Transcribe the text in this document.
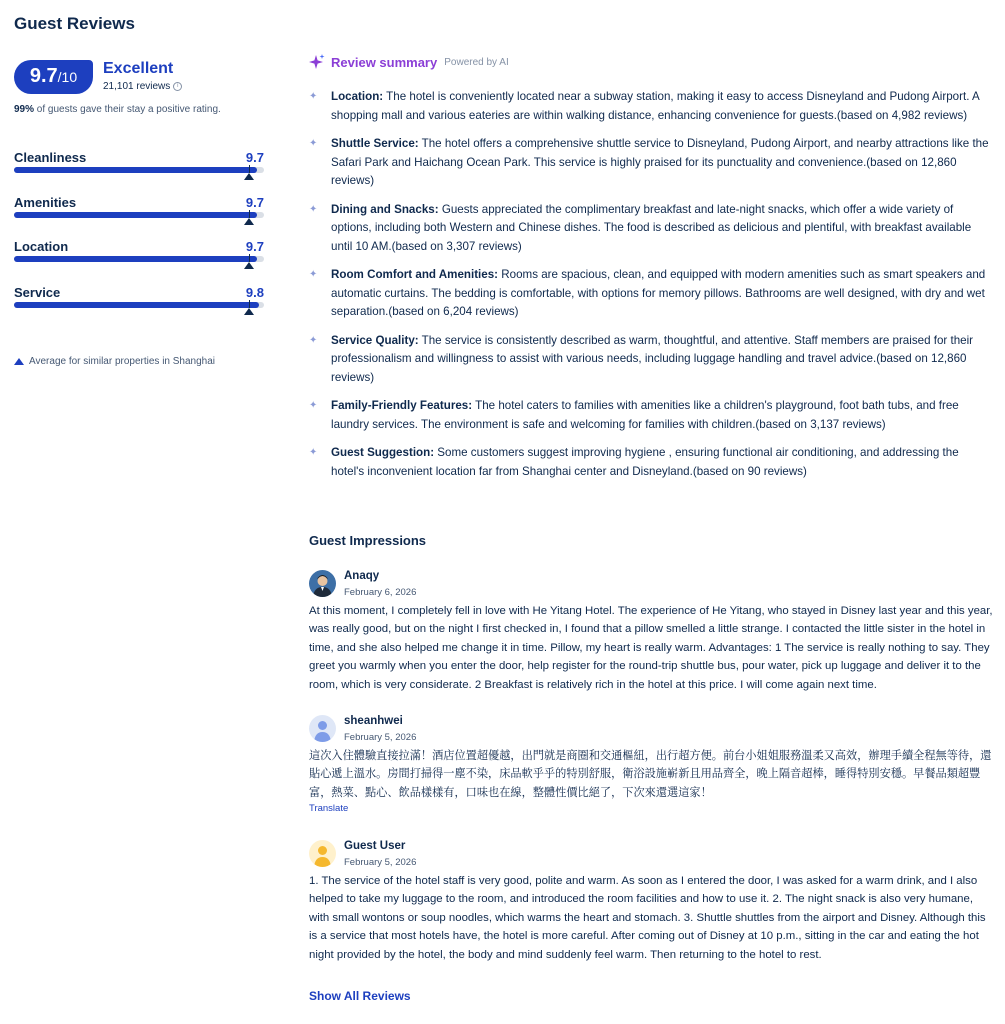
Guest Reviews
9.7 /10 Excellent
21,101 reviews	i
99% of guests gave their stay a positive rating.
Cleanliness	9.7
Amenities	9.7
Location	9.7
Service	9.8
Average for similar properties in Shanghai
Review summary Powered by AI
✦	Location: The hotel is conveniently located near a subway station, making it easy to access Disneyland and Pudong Airport. A shopping mall and various eateries are within walking distance, enhancing convenience for guests.(based on 4,982 reviews)
✦	Shuttle Service: The hotel offers a comprehensive shuttle service to Disneyland, Pudong Airport, and nearby attractions like the Safari Park and Haichang Ocean Park. This service is highly praised for its punctuality and convenience.(based on 12,860 reviews)
✦	Dining and Snacks: Guests appreciated the complimentary breakfast and late-night snacks, which offer a wide variety of options, including both Western and Chinese dishes. The food is described as delicious and plentiful, with breakfast available until 10 AM.(based on 3,307 reviews)
✦	Room Comfort and Amenities: Rooms are spacious, clean, and equipped with modern amenities such as smart speakers and automatic curtains. The bedding is comfortable, with options for memory pillows. Bathrooms are well designed, with dry and wet separation.(based on 6,204 reviews)
✦	Service Quality: The service is consistently described as warm, thoughtful, and attentive. Staff members are praised for their professionalism and willingness to assist with various needs, including luggage handling and travel advice.(based on 12,860 reviews)
✦	Family-Friendly Features: The hotel caters to families with amenities like a children's playground, foot bath tubs, and free laundry services. The environment is safe and welcoming for families with children.(based on 3,137 reviews)
✦	Guest Suggestion: Some customers suggest improving hygiene , ensuring functional air conditioning, and addressing the hotel's inconvenient location far from Shanghai center and Disneyland.(based on 90 reviews)
Guest Impressions
Anaqy
February 6, 2026
At this moment, I completely fell in love with He Yitang Hotel. The experience of He Yitang, who stayed in Disney last year and this year, was really good, but on the night I first checked in, I found that a pillow smelled a little strange. I contacted the little sister in the hotel in time, and she also helped me change it in time. Pillow, my heart is really warm. Advantages: 1 The service is really nothing to say. They greet you warmly when you enter the door, help register for the round-trip shuttle bus, pour water, pick up luggage and deliver it to the room, which is very considerate. 2 Breakfast is relatively rich in the hotel at this price. I will come again next time.
sheanhwei
February 5, 2026
這次入住體驗直接拉滿！酒店位置超優越，出門就是商圈和交通樞紐，出行超方便。前台小姐姐服務溫柔又高效，辦理手續全程無等待，還貼心遞上溫水。房間打掃得一塵不染，床品軟乎乎的特別舒服，衛浴設施嶄新且用品齊全，晚上隔音超棒，睡得特別安穩。早餐品類超豐富，熱菜、點心、飲品樣樣有，口味也在線，整體性價比絕了，下次來還選這家！
Translate
Guest User
February 5, 2026
1. The service of the hotel staff is very good, polite and warm. As soon as I entered the door, I was asked for a warm drink, and I also helped to take my luggage to the room, and introduced the room facilities and how to use it. 2. The night snack is also very humane, with small wontons or soup noodles, which warms the heart and stomach. 3. Shuttle shuttles from the airport and Disney. Although this is a service that most hotels have, the hotel is more careful. After coming out of Disney at 10 p.m., sitting in the car and eating the hot night provided by the hotel, the body and mind suddenly feel warm. Then returning to the hotel to rest.
Show All Reviews
